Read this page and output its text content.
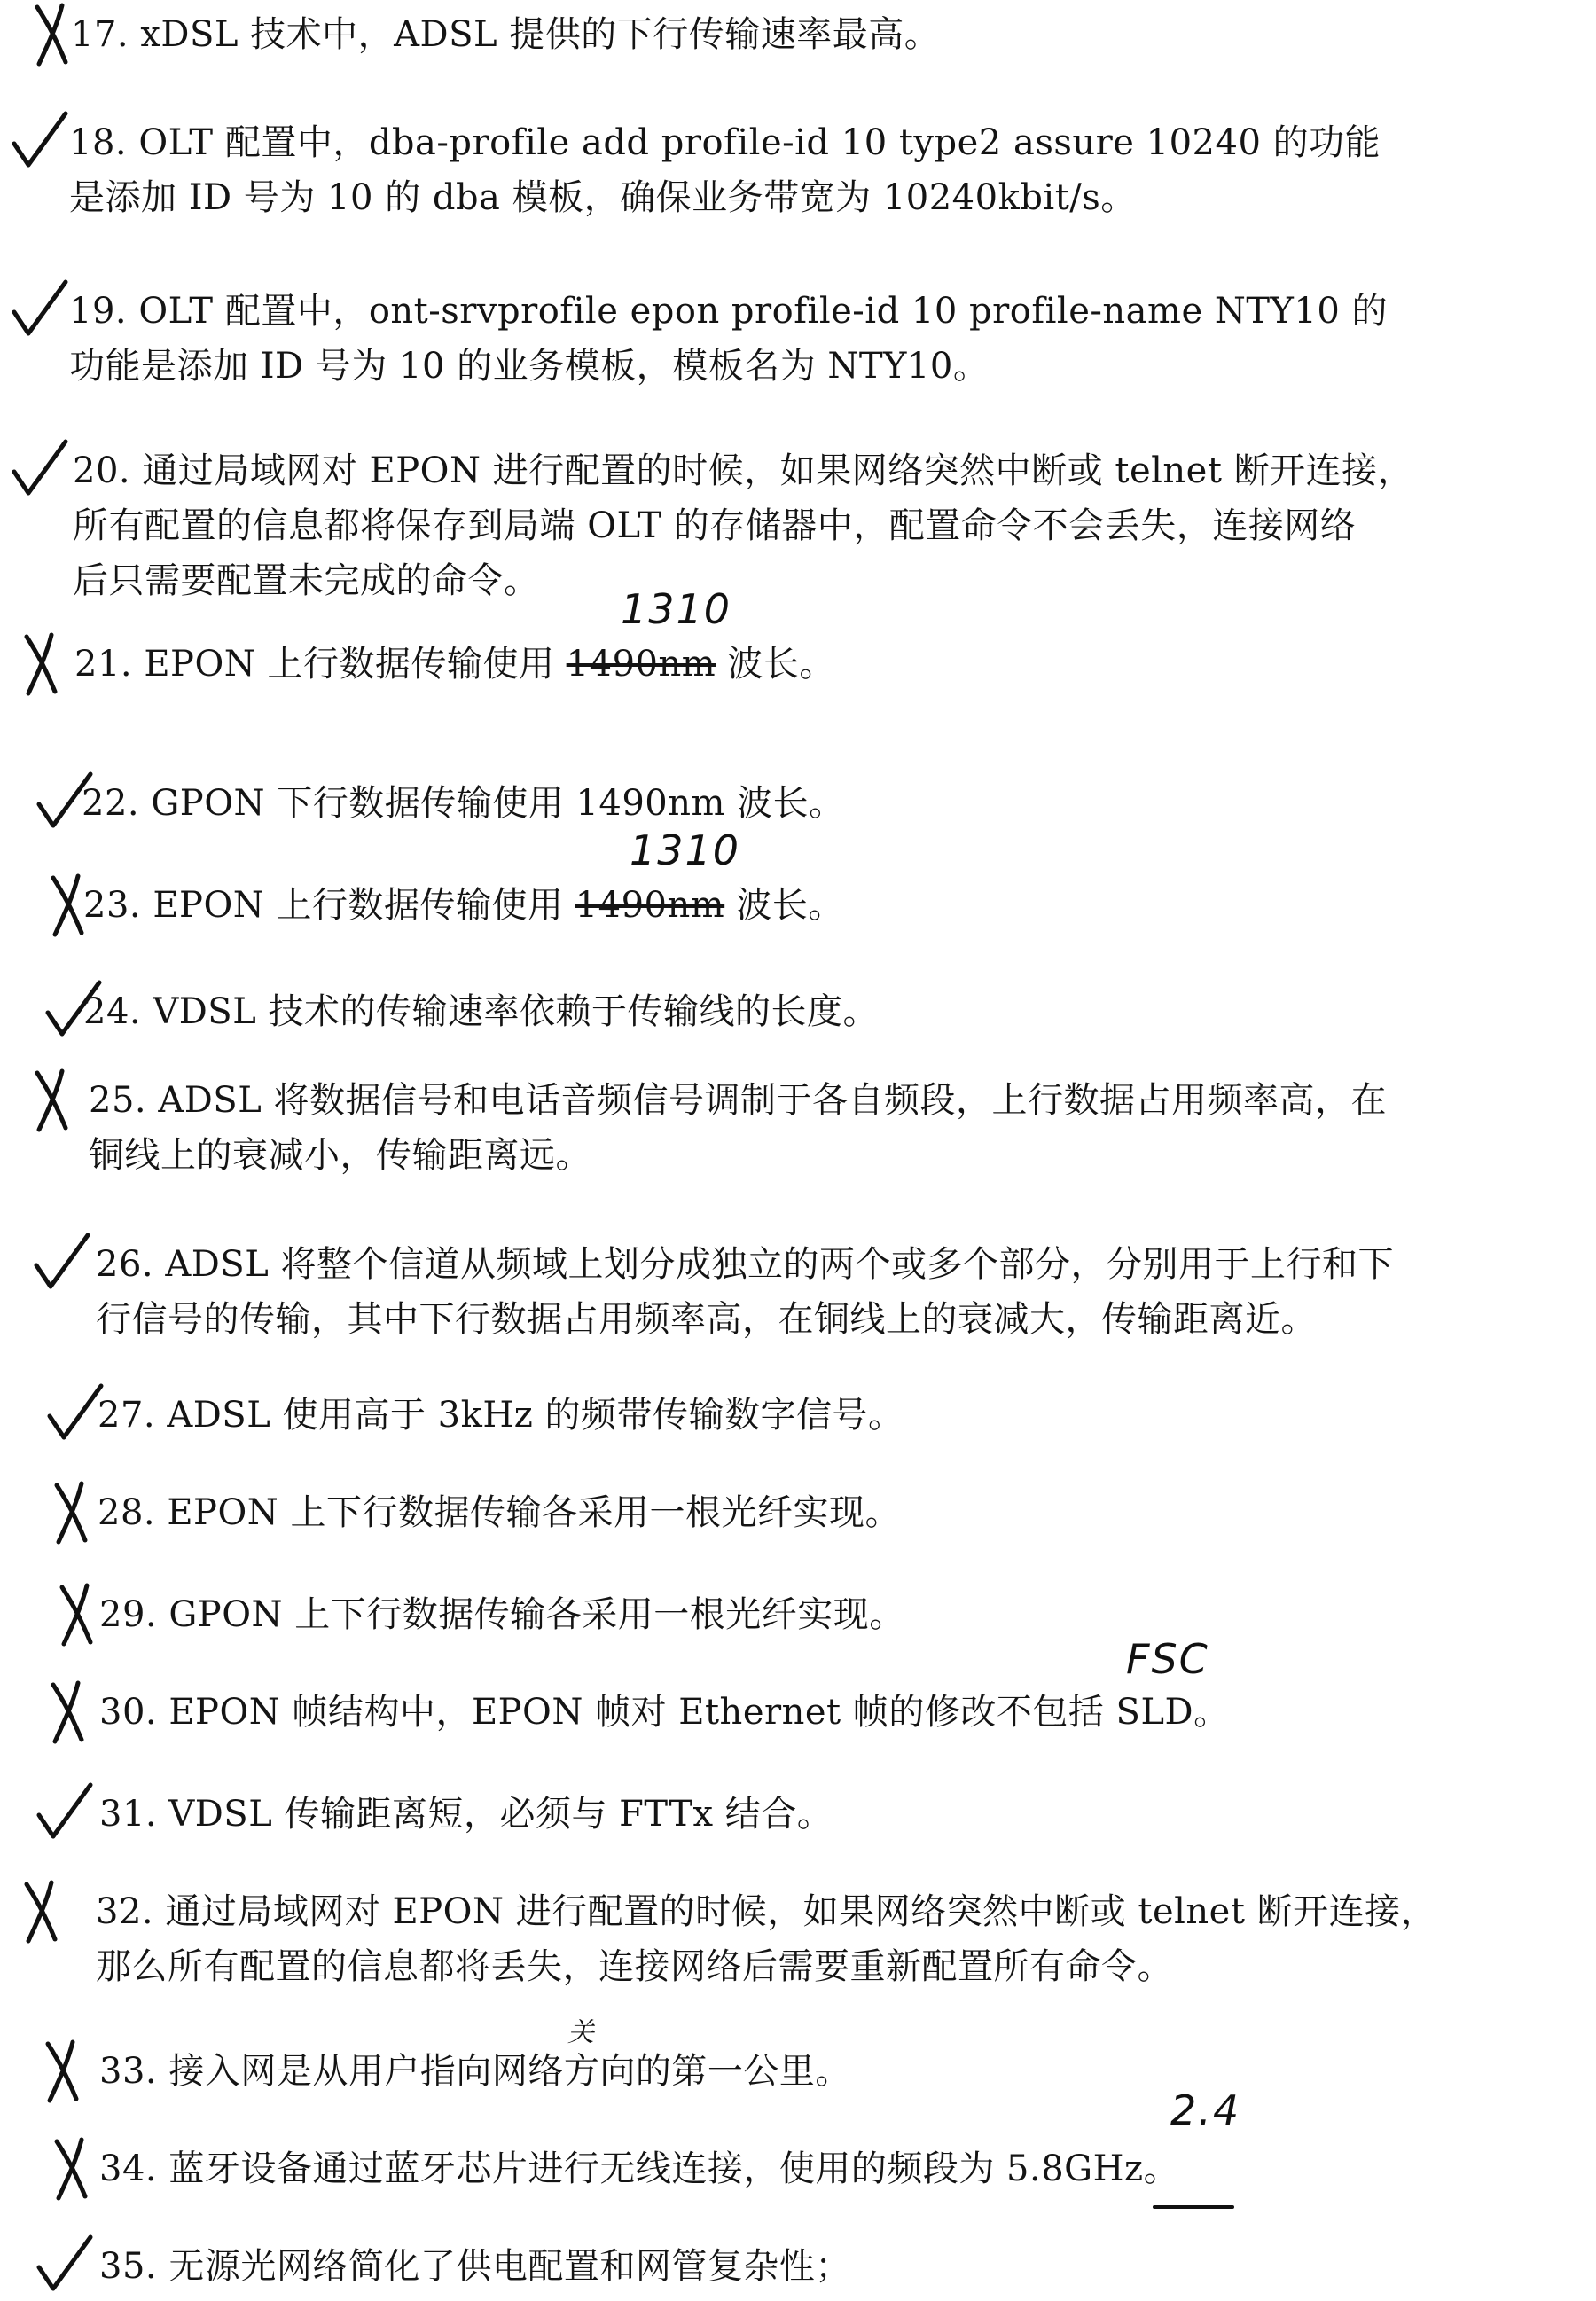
17. xDSL 技术中，ADSL 提供的下行传输速率最高。
18. OLT 配置中，dba-profile add profile-id 10 type2 assure 10240 的功能
是添加 ID 号为 10 的 dba 模板，确保业务带宽为 10240kbit/s。
19. OLT 配置中，ont-srvprofile epon profile-id 10 profile-name NTY10 的
功能是添加 ID 号为 10 的业务模板，模板名为 NTY10。
20. 通过局域网对 EPON 进行配置的时候，如果网络突然中断或 telnet 断开连接，
所有配置的信息都将保存到局端 OLT 的存储器中，配置命令不会丢失，连接网络
后只需要配置未完成的命令。
21. EPON 上行数据传输使用 1490nm 波长。
1310
22. GPON 下行数据传输使用 1490nm 波长。
23. EPON 上行数据传输使用 1490nm 波长。
1310
24. VDSL 技术的传输速率依赖于传输线的长度。
25. ADSL 将数据信号和电话音频信号调制于各自频段，上行数据占用频率高，在
铜线上的衰减小，传输距离远。
26. ADSL 将整个信道从频域上划分成独立的两个或多个部分，分别用于上行和下
行信号的传输，其中下行数据占用频率高，在铜线上的衰减大，传输距离近。
27. ADSL 使用高于 3kHz 的频带传输数字信号。
28. EPON 上下行数据传输各采用一根光纤实现。
29. GPON 上下行数据传输各采用一根光纤实现。
30. EPON 帧结构中，EPON 帧对 Ethernet 帧的修改不包括 SLD。
FSC
31. VDSL 传输距离短，必须与 FTTx 结合。
32. 通过局域网对 EPON 进行配置的时候，如果网络突然中断或 telnet 断开连接，
那么所有配置的信息都将丢失，连接网络后需要重新配置所有命令。
33. 接入网是从用户指向网络方向的第一公里。
关
34. 蓝牙设备通过蓝牙芯片进行无线连接，使用的频段为 5.8GHz。
2.4
35. 无源光网络简化了供电配置和网管复杂性；
